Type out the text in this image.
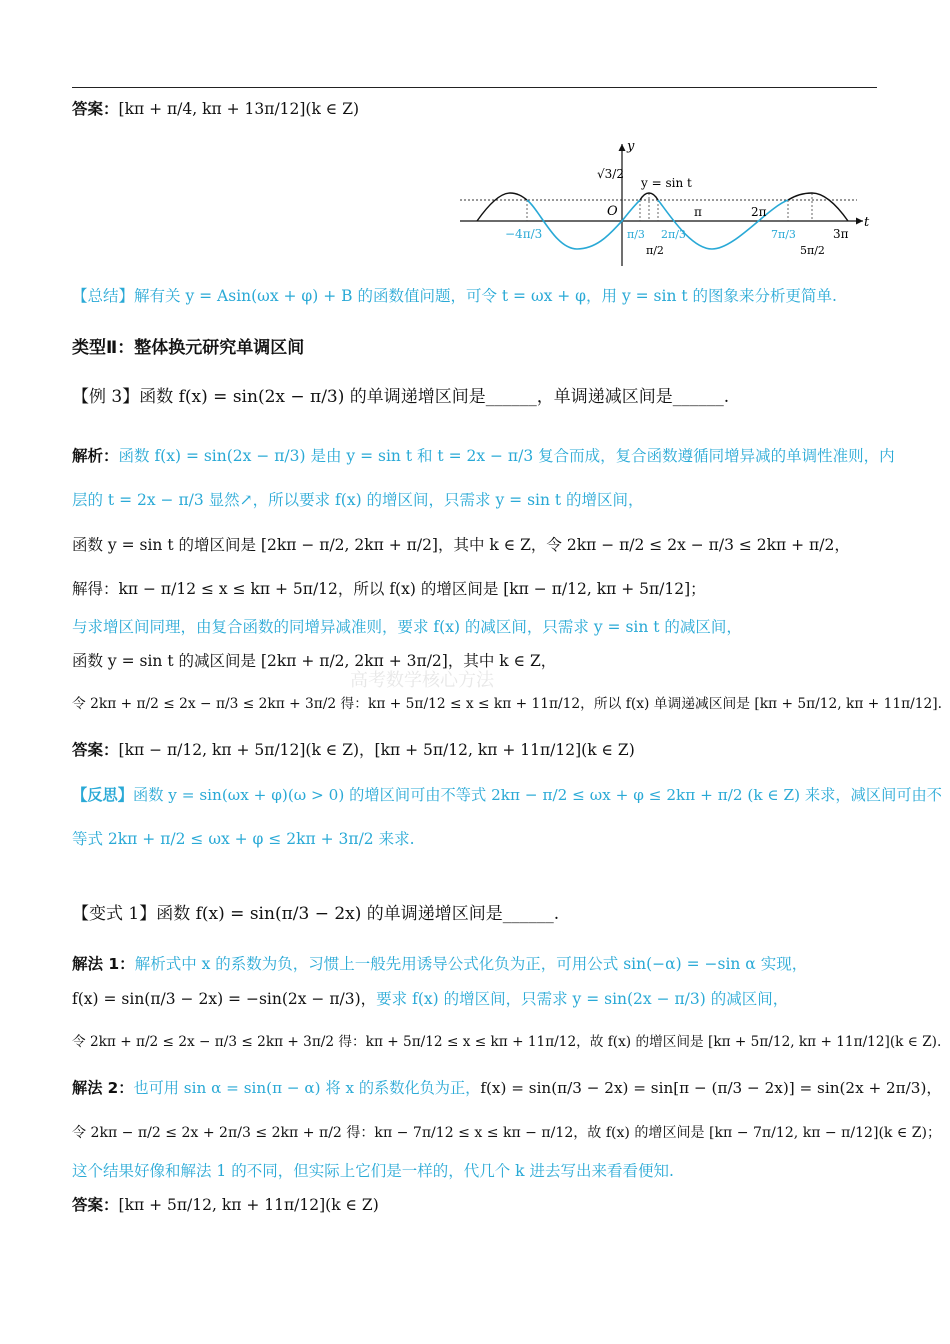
答案：[kπ + π/4, kπ + 13π/12](k ∈ Z)
y
t
O
√3/2
y = sin t
π	2π
3π
−4π/3	π/3
π/2
2π/3	7π/3
5π/2
【总结】解有关 y = Asin(ωx + φ) + B 的函数值问题，可令 t = ωx + φ，用 y = sin t 的图象来分析更简单.
类型Ⅱ：整体换元研究单调区间
【例 3】函数 f(x) = sin(2x − π/3) 的单调递增区间是______，单调递减区间是______.
解析：函数 f(x) = sin(2x − π/3) 是由 y = sin t 和 t = 2x − π/3 复合而成，复合函数遵循同增异减的单调性准则，内
层的 t = 2x − π/3 显然↗，所以要求 f(x) 的增区间，只需求 y = sin t 的增区间，
函数 y = sin t 的增区间是 [2kπ − π/2, 2kπ + π/2]，其中 k ∈ Z，令 2kπ − π/2 ≤ 2x − π/3 ≤ 2kπ + π/2，
解得：kπ − π/12 ≤ x ≤ kπ + 5π/12，所以 f(x) 的增区间是 [kπ − π/12, kπ + 5π/12]；
与求增区间同理，由复合函数的同增异减准则，要求 f(x) 的减区间，只需求 y = sin t 的减区间，
函数 y = sin t 的减区间是 [2kπ + π/2, 2kπ + 3π/2]，其中 k ∈ Z，
高考数学核心方法
令 2kπ + π/2 ≤ 2x − π/3 ≤ 2kπ + 3π/2 得：kπ + 5π/12 ≤ x ≤ kπ + 11π/12，所以 f(x) 单调递减区间是 [kπ + 5π/12, kπ + 11π/12].
答案：[kπ − π/12, kπ + 5π/12](k ∈ Z)，[kπ + 5π/12, kπ + 11π/12](k ∈ Z)
【反思】函数 y = sin(ωx + φ)(ω > 0) 的增区间可由不等式 2kπ − π/2 ≤ ωx + φ ≤ 2kπ + π/2 (k ∈ Z) 来求，减区间可由不
等式 2kπ + π/2 ≤ ωx + φ ≤ 2kπ + 3π/2 来求.
【变式 1】函数 f(x) = sin(π/3 − 2x) 的单调递增区间是______.
解法 1：解析式中 x 的系数为负，习惯上一般先用诱导公式化负为正，可用公式 sin(−α) = −sin α 实现，
f(x) = sin(π/3 − 2x) = −sin(2x − π/3)，要求 f(x) 的增区间，只需求 y = sin(2x − π/3) 的减区间，
令 2kπ + π/2 ≤ 2x − π/3 ≤ 2kπ + 3π/2 得：kπ + 5π/12 ≤ x ≤ kπ + 11π/12，故 f(x) 的增区间是 [kπ + 5π/12, kπ + 11π/12](k ∈ Z).
解法 2：也可用 sin α = sin(π − α) 将 x 的系数化负为正，f(x) = sin(π/3 − 2x) = sin[π − (π/3 − 2x)] = sin(2x + 2π/3)，
令 2kπ − π/2 ≤ 2x + 2π/3 ≤ 2kπ + π/2 得：kπ − 7π/12 ≤ x ≤ kπ − π/12，故 f(x) 的增区间是 [kπ − 7π/12, kπ − π/12](k ∈ Z)；
这个结果好像和解法 1 的不同，但实际上它们是一样的，代几个 k 进去写出来看看便知.
答案：[kπ + 5π/12, kπ + 11π/12](k ∈ Z)
